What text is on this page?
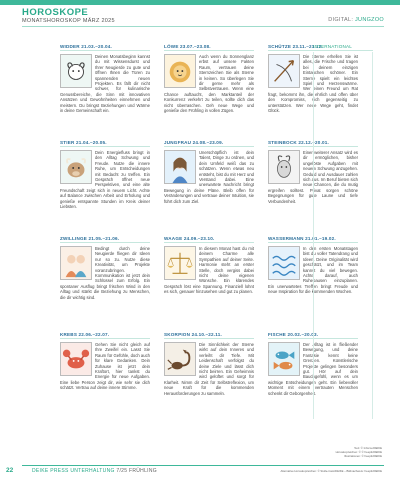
HOROSKOPE
MONATSHOROSKOP MÄRZ 2025	DIGITAL: JUNGZOO
WIDDER 21.03.–20.04.
Deinen Monatsbeginn kannst du mit Wissensdurst und Ihrer Neugierde zu gute und öffnen Ihnen die Türen zu spannenden neuen Projekten. Es fällt dir nicht schwer, für kulinarische Genussbereiche, die Sinn mit innovativen Ansätzen und Gewohnheiten einnehmen und meistern. Du bringst Beziehungen und Wärme in deine Gemeinschaft ein.
STIER 21.04.–20.05.
Dein Energiefluss bringt in den Alltag Schwung und Freude. Nutze die innere Ruhe, um Entscheidungen mit Bedacht zu treffen. Ein Gespräch öffnet neue Perspektiven, und eine alte Freundschaft zeigt sich in neuem Licht. Achte auf Balance zwischen Arbeit und Erholung und genieße entspannte Stunden im Kreis deiner Liebsten.
ZWILLINGE 21.05.–21.06.
Bedingt durch deine Neugierde fliegen dir Ideen nur so zu. Nutze diese Kreativität, um Projekte voranzubringen. Kommunikation ist jetzt dein Schlüssel zum Erfolg. Ein spontaner Ausflug bringt frischen Wind in den Alltag und stärkt die Beziehung zu Menschen, die dir wichtig sind.
KREBS 22.06.–22.07.
Gehen Sie nicht gleich auf Ihre Zweifel ein. Lasst Sie Raum für Gefühle, doch auch für klare Gedanken. Dein Zuhause ist jetzt dein Kraftort, hier tankst du Energie für neue Aufgaben. Eine liebe Person zeigt dir, wie sehr sie dich schätzt. Vertrau auf deine innere Stimme.
LÖWE 23.07.–23.08.
Auch wenn du Sonnenglanz erbst auf unsere Fakten Raum, vertrauen deine Sternzeichen Sie als Sterne in keinen. So überlegen Sie dir gerne mehr als Selbstvertrauen. Wenn eine Chance auftaucht, den Marktanteil der Konkurrenz verkehrt zu teilen, sollte dich das nicht überraschen. Geh neue Wege und genieße den Frühling in vollen Zügen.
JUNGFRAU 24.08.–23.09.
Unerschöpflich ist dein Talent, Dinge zu ordnen, und dein Umfeld weiß das zu schätzen. Wenn etwas neu entsteht, bist du mit Herz und Verstand dabei. Eine unerwartete Nachricht bringt Bewegung in deine Pläne. Bleib offen für Veränderungen und vertraue deiner Intuition, sie führt dich zum Ziel.
WAAGE 24.09.–23.10.
In diesem Monat hast du mit deinem Charme alle Sympathien auf deiner Seite. Harmonie steht an erster Stelle, doch vergiss dabei nicht deine eigenen Wünsche. Ein klärendes Gespräch löst eine Spannung. Finanziell lohnt es sich, genauer hinzusehen und gut zu planen.
SKORPION 24.10.–22.11.
Die Sinnlichkeit der Sterne wirkt auf dein Inneres und verleiht dir Tiefe. Mit Leidenschaft verfolgst du deine Ziele und lässt dich nicht beirren. Ein Geheimnis wird gelüftet und sorgt für Klarheit. Nimm dir Zeit für Selbstreflexion, um neue Kraft für die kommenden Herausforderungen zu sammeln.
SCHÜTZE 23.11.–21.12.
Die Sterne erhellen Sie ist alles, die Frische und tragen bei deinem einzigen Eintauchen schöner. Ein Sterne spielt ein leichtes Spiel und Herzenswärme. Wer einen Freund um Rat fragt, bekommt ihn, die ehrlich und offen über den Kompromiss, sich gegenseitig zu unterstützen. Wer neue Wege geht, findet Glück.
STEINBOCK 22.12.–20.01.
Einer weiterer Ansatz wird es dir ermöglichen, bisher ungelöste Aufgaben mit neuem Schwung anzugehen. Geduld und Ausdauer zahlen sich aus. Im Beruf bieten sich neue Chancen, die du mutig ergreifen solltest. Privat sorgen schöne Begegnungen für gute Laune und tiefe Verbundenheit.
WASSERMANN 21.01.–19.02.
In den ersten Monatstagen bist du voller Tatendrang und Ideen. Deine Originalität wird geschätzt, und im Team kannst du viel bewegen. Achte darauf, auch Ruhepausen einzuplanen. Ein unerwartetes Treffen bringt Freude und neue Inspiration für die kommenden Wochen.
FISCHE 20.02.–20.03.
Der Alltag ist in fließender Bewegung, und deine Fantasie kennt keine Grenzen. Künstlerische Projekte gelingen besonders gut. Hör auf dein Bauchgefühl, wenn es um wichtige Entscheidungen geht. Ein liebevoller Moment mit einem vertrauten Menschen schenkt dir Geborgenheit.
INTERNATIONAL
Text: © Infozoo/DEIKE
Horoskopzeichen: © © freepik/DEIKE
Illustrationen: © freepik/DEIKE
22	DEIKE PRESS UNTERHALTUNG 7/25 FRÜHLING	Alternative Horoskopzeichen: © Stolle-Cato/DEIKE – Bildnachweis: freepik/DEIKE
